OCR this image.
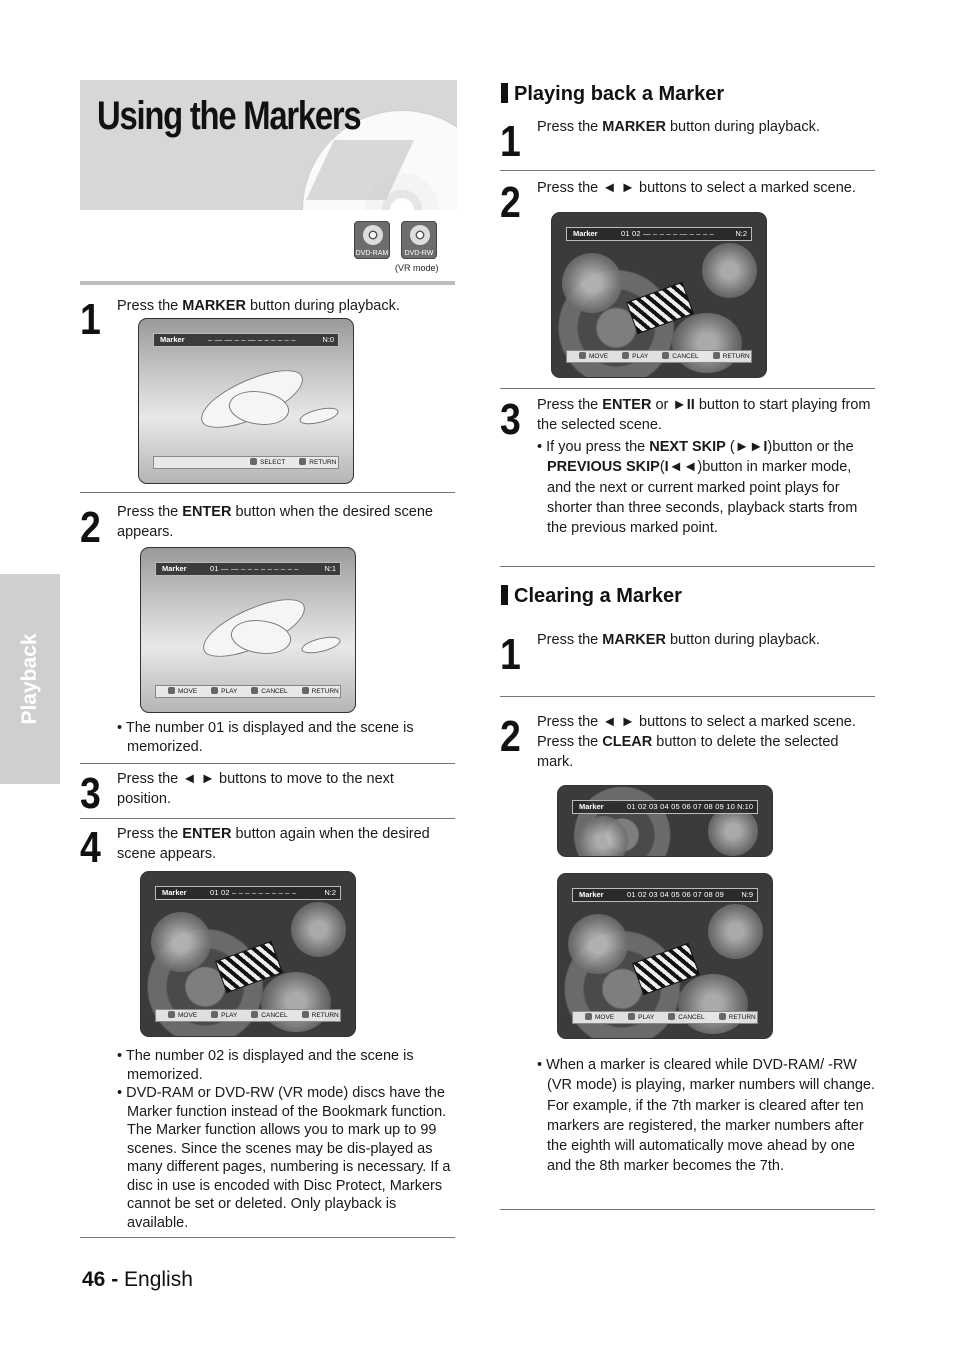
Using the Markers
DVD-RAM	DVD-RW
(VR mode)
Playback
1 Press the MARKER button during playback.
Marker	– — — – – — – – – – – –	N:0
SELECT	RETURN
2 Press the ENTER button when the desired scene appears.
Marker	01 — — – – – – – – – – –	N:1
MOVE	PLAY	CANCEL	RETURN
• The number 01 is displayed and the scene is memorized.
3 Press the ◄ ► buttons to move to the next position.
4 Press the ENTER button again when the desired scene appears.
Marker	01 02 – – – – – – – – – –	N:2
MOVE	PLAY	CANCEL	RETURN
• The number 02 is displayed and the scene is memorized.
• DVD-RAM or DVD-RW (VR mode) discs have the Marker function instead of the Bookmark function. The Marker function allows you to mark up to 99 scenes. Since the scenes may be dis-played as many different pages, numbering is necessary. If a disc in use is encoded with Disc Protect, Markers cannot be set or deleted. Only playback is available.
46 - English
Playing back a Marker
1 Press the MARKER button during playback.
2 Press the ◄ ► buttons to select a marked scene.
Marker	01 02 — – – – – — – – – –	N:2
MOVE	PLAY	CANCEL	RETURN
3 Press the ENTER or ►II button to start playing from the selected scene.
• If you press the NEXT SKIP (►►I)button or the PREVIOUS SKIP(I◄◄)button in marker mode, and the next or current marked point plays for shorter than three seconds, playback starts from the previous marked point.
Clearing a Marker
1 Press the MARKER button during playback.
2 Press the ◄ ► buttons to select a marked scene.
Press the CLEAR button to delete the selected mark.
Marker	01 02 03 04 05 06 07 08 09 10 N:10
Marker	01 02 03 04 05 06 07 08 09 N:9
MOVE	PLAY	CANCEL	RETURN
• When a marker is cleared while DVD-RAM/ -RW (VR mode) is playing, marker numbers will change. For example, if the 7th marker is cleared after ten markers are registered, the marker numbers after the eighth will automatically move ahead by one and the 8th marker becomes the 7th.
